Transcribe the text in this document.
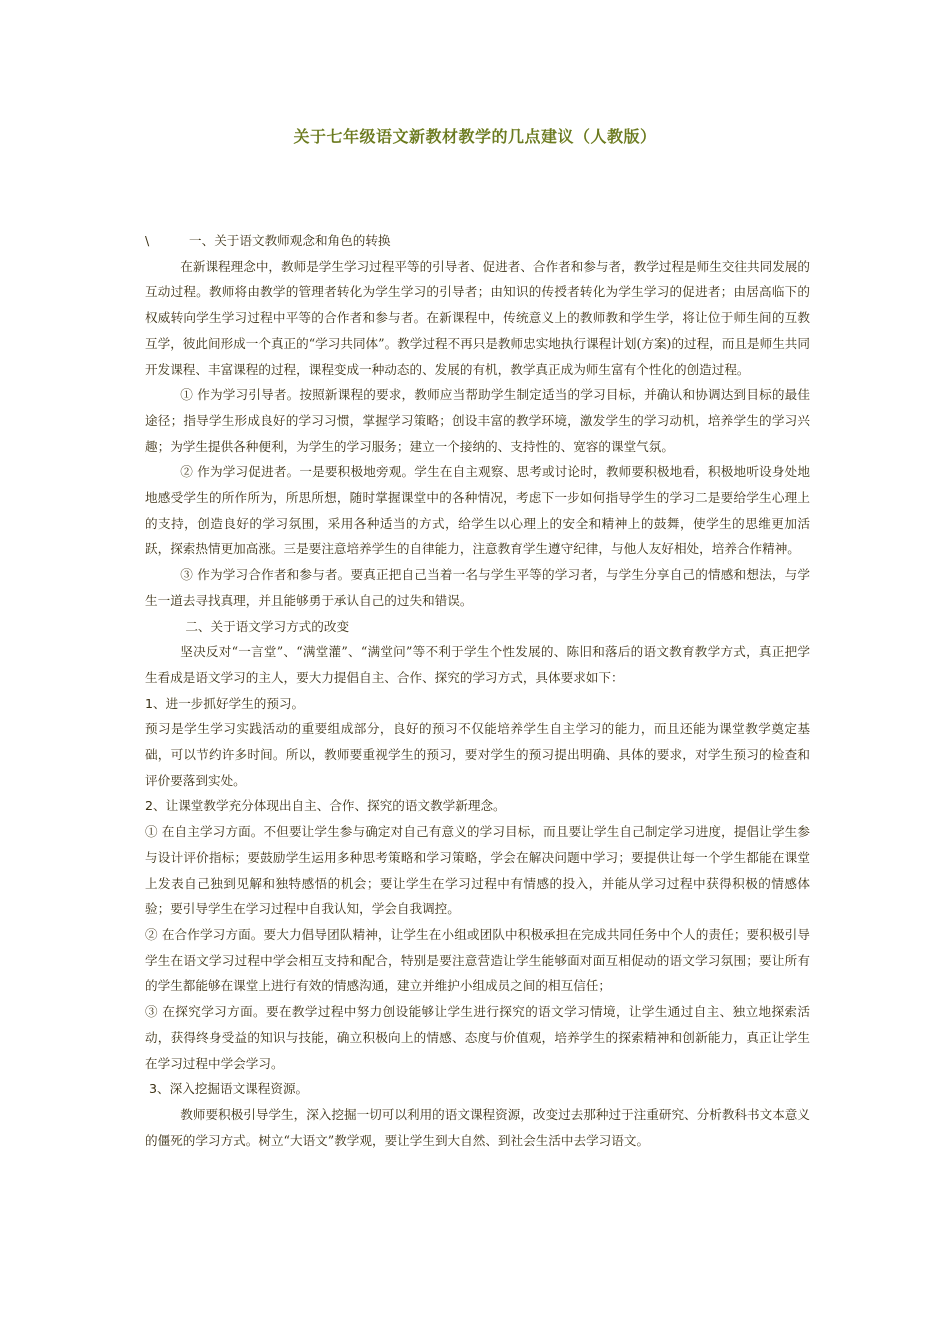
关于七年级语文新教材教学的几点建议（人教版）

\	一、关于语文教师观念和角色的转换

在新课程理念中，教师是学生学习过程平等的引导者、促进者、合作者和参与者，教学过程是师生交往共同发展的互动过程。教师将由教学的管理者转化为学生学习的引导者；由知识的传授者转化为学生学习的促进者；由居高临下的权威转向学生学习过程中平等的合作者和参与者。在新课程中，传统意义上的教师教和学生学，将让位于师生间的互教互学，彼此间形成一个真正的“学习共同体”。教学过程不再只是教师忠实地执行课程计划(方案)的过程，而且是师生共同开发课程、丰富课程的过程，课程变成一种动态的、发展的有机，教学真正成为师生富有个性化的创造过程。

① 作为学习引导者。按照新课程的要求，教师应当帮助学生制定适当的学习目标，并确认和协调达到目标的最佳途径；指导学生形成良好的学习习惯，掌握学习策略；创设丰富的教学环境，激发学生的学习动机，培养学生的学习兴趣；为学生提供各种便利，为学生的学习服务；建立一个接纳的、支持性的、宽容的课堂气氛。

② 作为学习促进者。一是要积极地旁观。学生在自主观察、思考或讨论时，教师要积极地看，积极地听设身处地地感受学生的所作所为，所思所想，随时掌握课堂中的各种情况，考虑下一步如何指导学生的学习二是要给学生心理上的支持，创造良好的学习氛围，采用各种适当的方式，给学生以心理上的安全和精神上的鼓舞，使学生的思维更加活跃，探索热情更加高涨。三是要注意培养学生的自律能力，注意教育学生遵守纪律，与他人友好相处，培养合作精神。

③ 作为学习合作者和参与者。要真正把自己当着一名与学生平等的学习者，与学生分享自己的情感和想法，与学生一道去寻找真理，并且能够勇于承认自己的过失和错误。

二、关于语文学习方式的改变

坚决反对“一言堂”、“满堂灌”、“满堂问”等不利于学生个性发展的、陈旧和落后的语文教育教学方式，真正把学生看成是语文学习的主人，要大力提倡自主、合作、探究的学习方式，具体要求如下：

1、进一步抓好学生的预习。

预习是学生学习实践活动的重要组成部分，良好的预习不仅能培养学生自主学习的能力，而且还能为课堂教学奠定基础，可以节约许多时间。所以，教师要重视学生的预习，要对学生的预习提出明确、具体的要求，对学生预习的检查和评价要落到实处。

2、让课堂教学充分体现出自主、合作、探究的语文教学新理念。

① 在自主学习方面。不但要让学生参与确定对自己有意义的学习目标，而且要让学生自己制定学习进度，提倡让学生参与设计评价指标；要鼓励学生运用多种思考策略和学习策略，学会在解决问题中学习；要提供让每一个学生都能在课堂上发表自己独到见解和独特感悟的机会；要让学生在学习过程中有情感的投入，并能从学习过程中获得积极的情感体验；要引导学生在学习过程中自我认知，学会自我调控。

② 在合作学习方面。要大力倡导团队精神，让学生在小组或团队中积极承担在完成共同任务中个人的责任；要积极引导学生在语文学习过程中学会相互支持和配合，特别是要注意营造让学生能够面对面互相促动的语文学习氛围；要让所有的学生都能够在课堂上进行有效的情感沟通，建立并维护小组成员之间的相互信任；

③ 在探究学习方面。要在教学过程中努力创设能够让学生进行探究的语文学习情境，让学生通过自主、独立地探索活动，获得终身受益的知识与技能，确立积极向上的情感、态度与价值观，培养学生的探索精神和创新能力，真正让学生在学习过程中学会学习。

3、深入挖掘语文课程资源。

教师要积极引导学生，深入挖掘一切可以利用的语文课程资源，改变过去那种过于注重研究、分析教科书文本意义的僵死的学习方式。树立“大语文”教学观，要让学生到大自然、到社会生活中去学习语文。
